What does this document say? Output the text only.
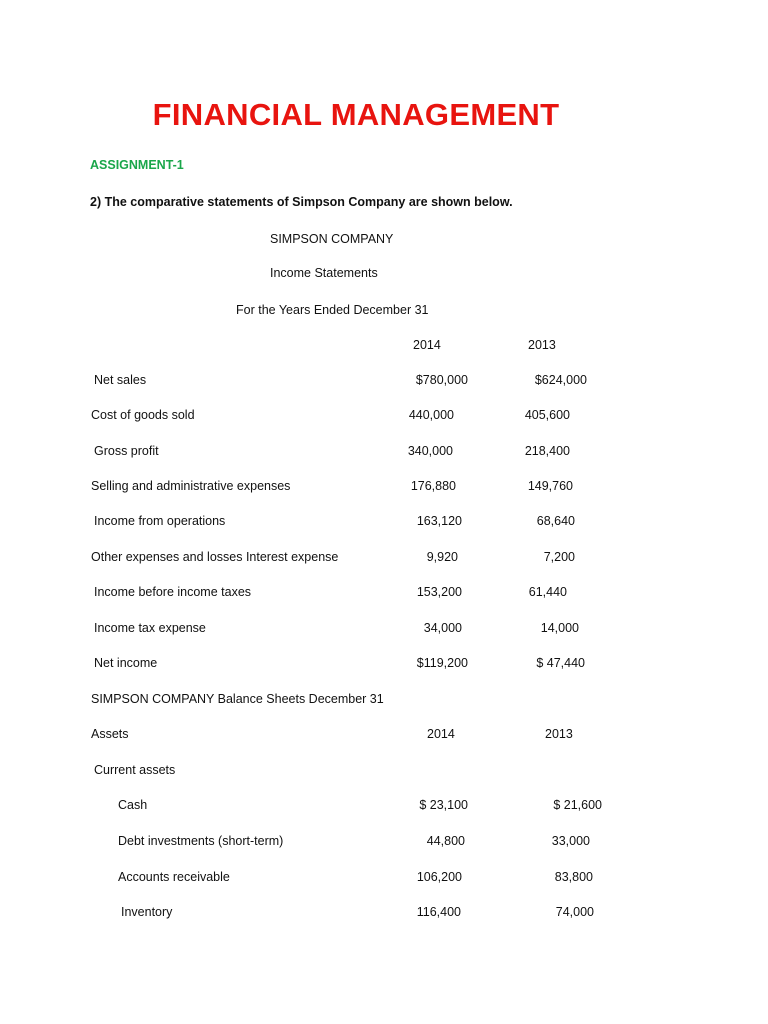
FINANCIAL MANAGEMENT
ASSIGNMENT-1
2) The comparative statements of Simpson Company are shown below.
SIMPSON COMPANY
Income Statements
For the Years Ended December 31
2014	2013
Net sales	$780,000	$624,000
Cost of goods sold	440,000	405,600
Gross profit	340,000	218,400
Selling and administrative expenses	176,880	149,760
Income from operations	163,120	68,640
Other expenses and losses Interest expense	9,920	7,200
Income before income taxes	153,200	61,440
Income tax expense	34,000	14,000
Net income	$119,200	$ 47,440
SIMPSON COMPANY Balance Sheets December 31
Assets	2014	2013
Current assets
Cash	$ 23,100	$ 21,600
Debt investments (short-term)	44,800	33,000
Accounts receivable	106,200	83,800
Inventory	116,400	74,000
